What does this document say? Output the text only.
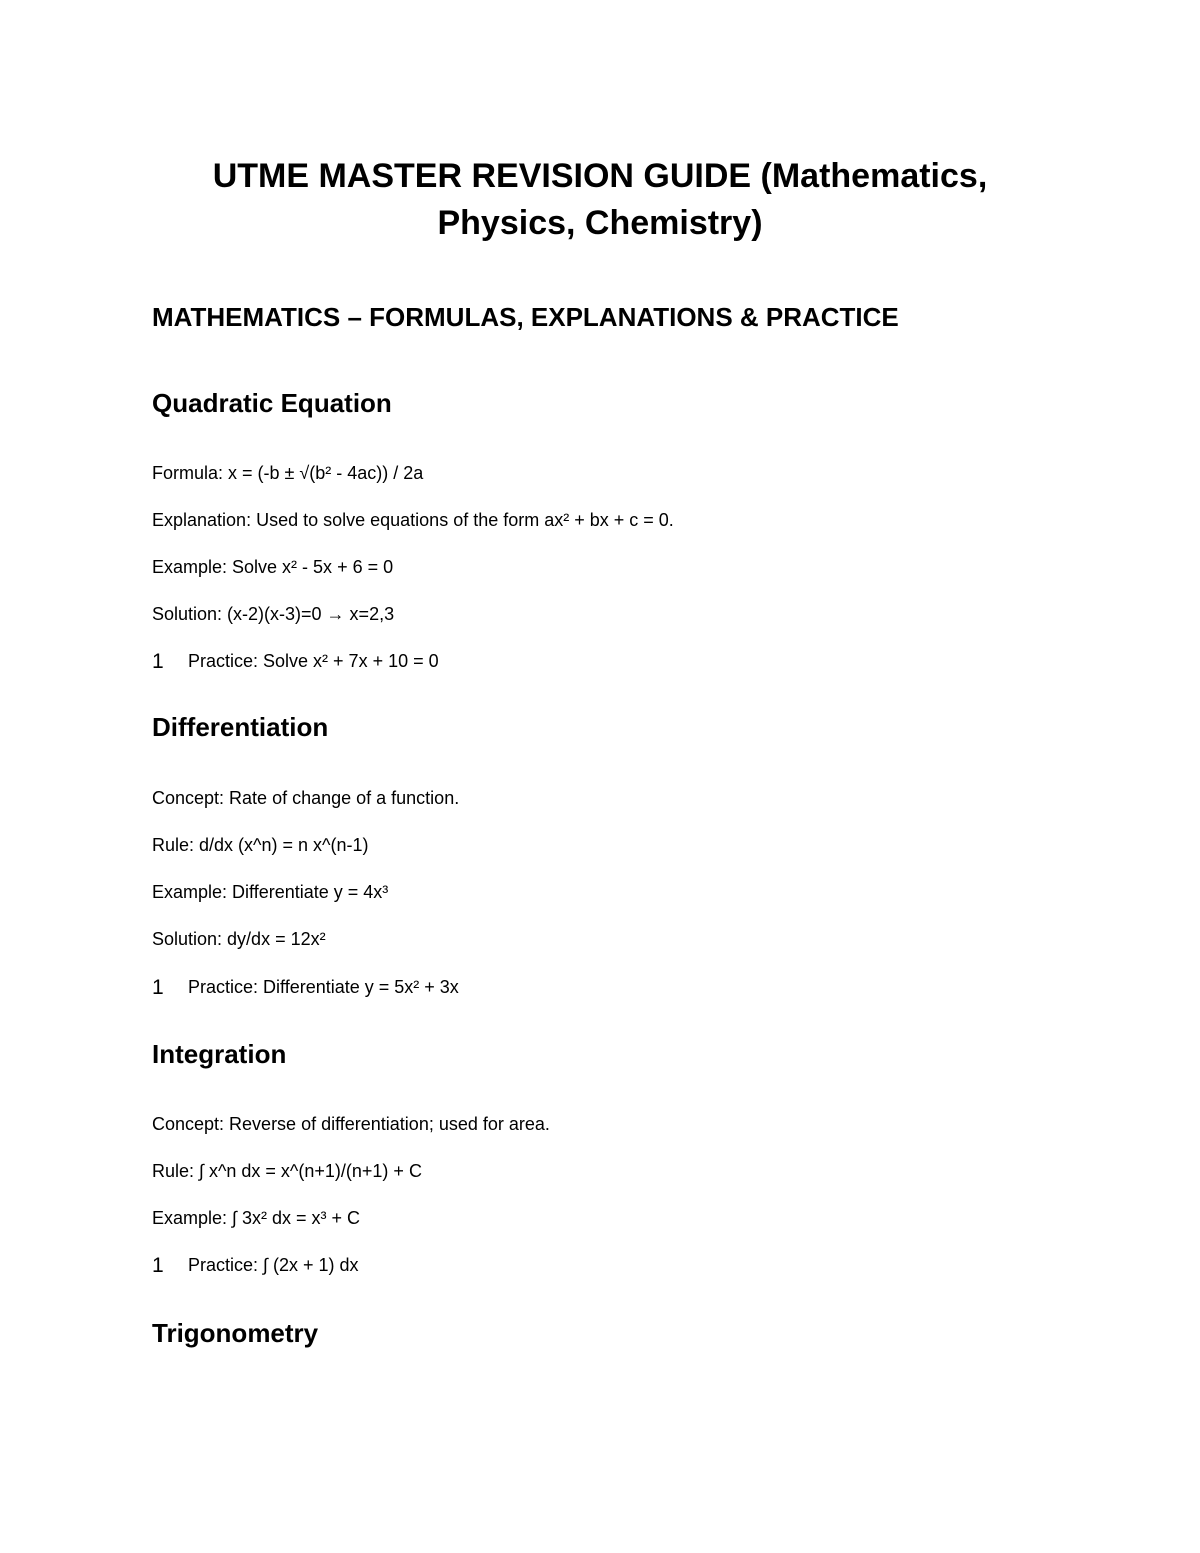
UTME MASTER REVISION GUIDE (Mathematics, Physics, Chemistry)
MATHEMATICS – FORMULAS, EXPLANATIONS & PRACTICE
Quadratic Equation

Formula: x = (-b ± √(b² - 4ac)) / 2a

Explanation: Used to solve equations of the form ax² + bx + c = 0.

Example: Solve x² - 5x + 6 = 0

Solution: (x-2)(x-3)=0 → x=2,3

1	Practice: Solve x² + 7x + 10 = 0
Differentiation

Concept: Rate of change of a function.

Rule: d/dx (x^n) = n x^(n-1)

Example: Differentiate y = 4x³

Solution: dy/dx = 12x²

1	Practice: Differentiate y = 5x² + 3x
Integration

Concept: Reverse of differentiation; used for area.

Rule: ∫ x^n dx = x^(n+1)/(n+1) + C

Example: ∫ 3x² dx = x³ + C

1	Practice: ∫ (2x + 1) dx
Trigonometry
